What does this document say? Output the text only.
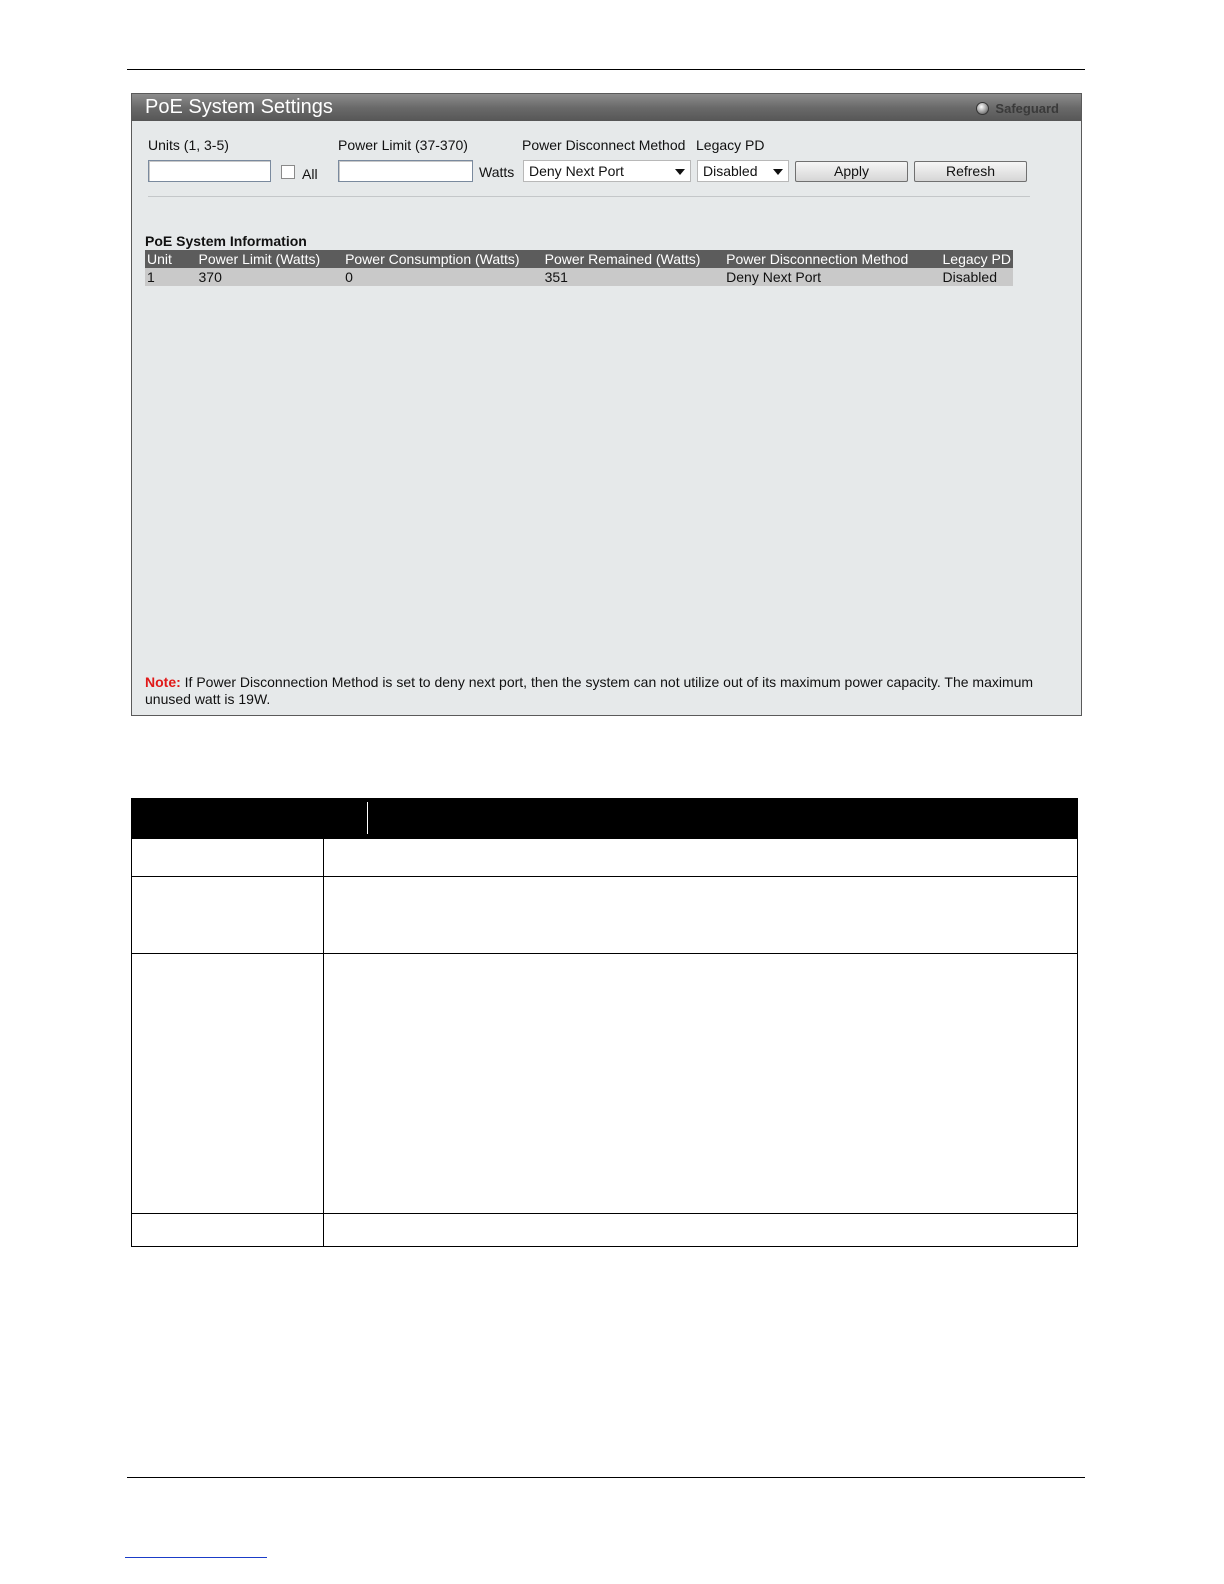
PoE System Settings	Safeguard
Units (1, 3-5)
All
Power Limit (37-370)
Watts
Power Disconnect Method
Deny Next Port
Legacy PD
Disabled	Apply	Refresh
PoE System Information
Unit	Power Limit (Watts)	Power Consumption (Watts)	Power Remained (Watts)	Power Disconnection Method	Legacy PD
1	370	0	351	Deny Next Port	Disabled
Note: If Power Disconnection Method is set to deny next port, then the system can not utilize out of its maximum power capacity. The maximum unused watt is 19W.
